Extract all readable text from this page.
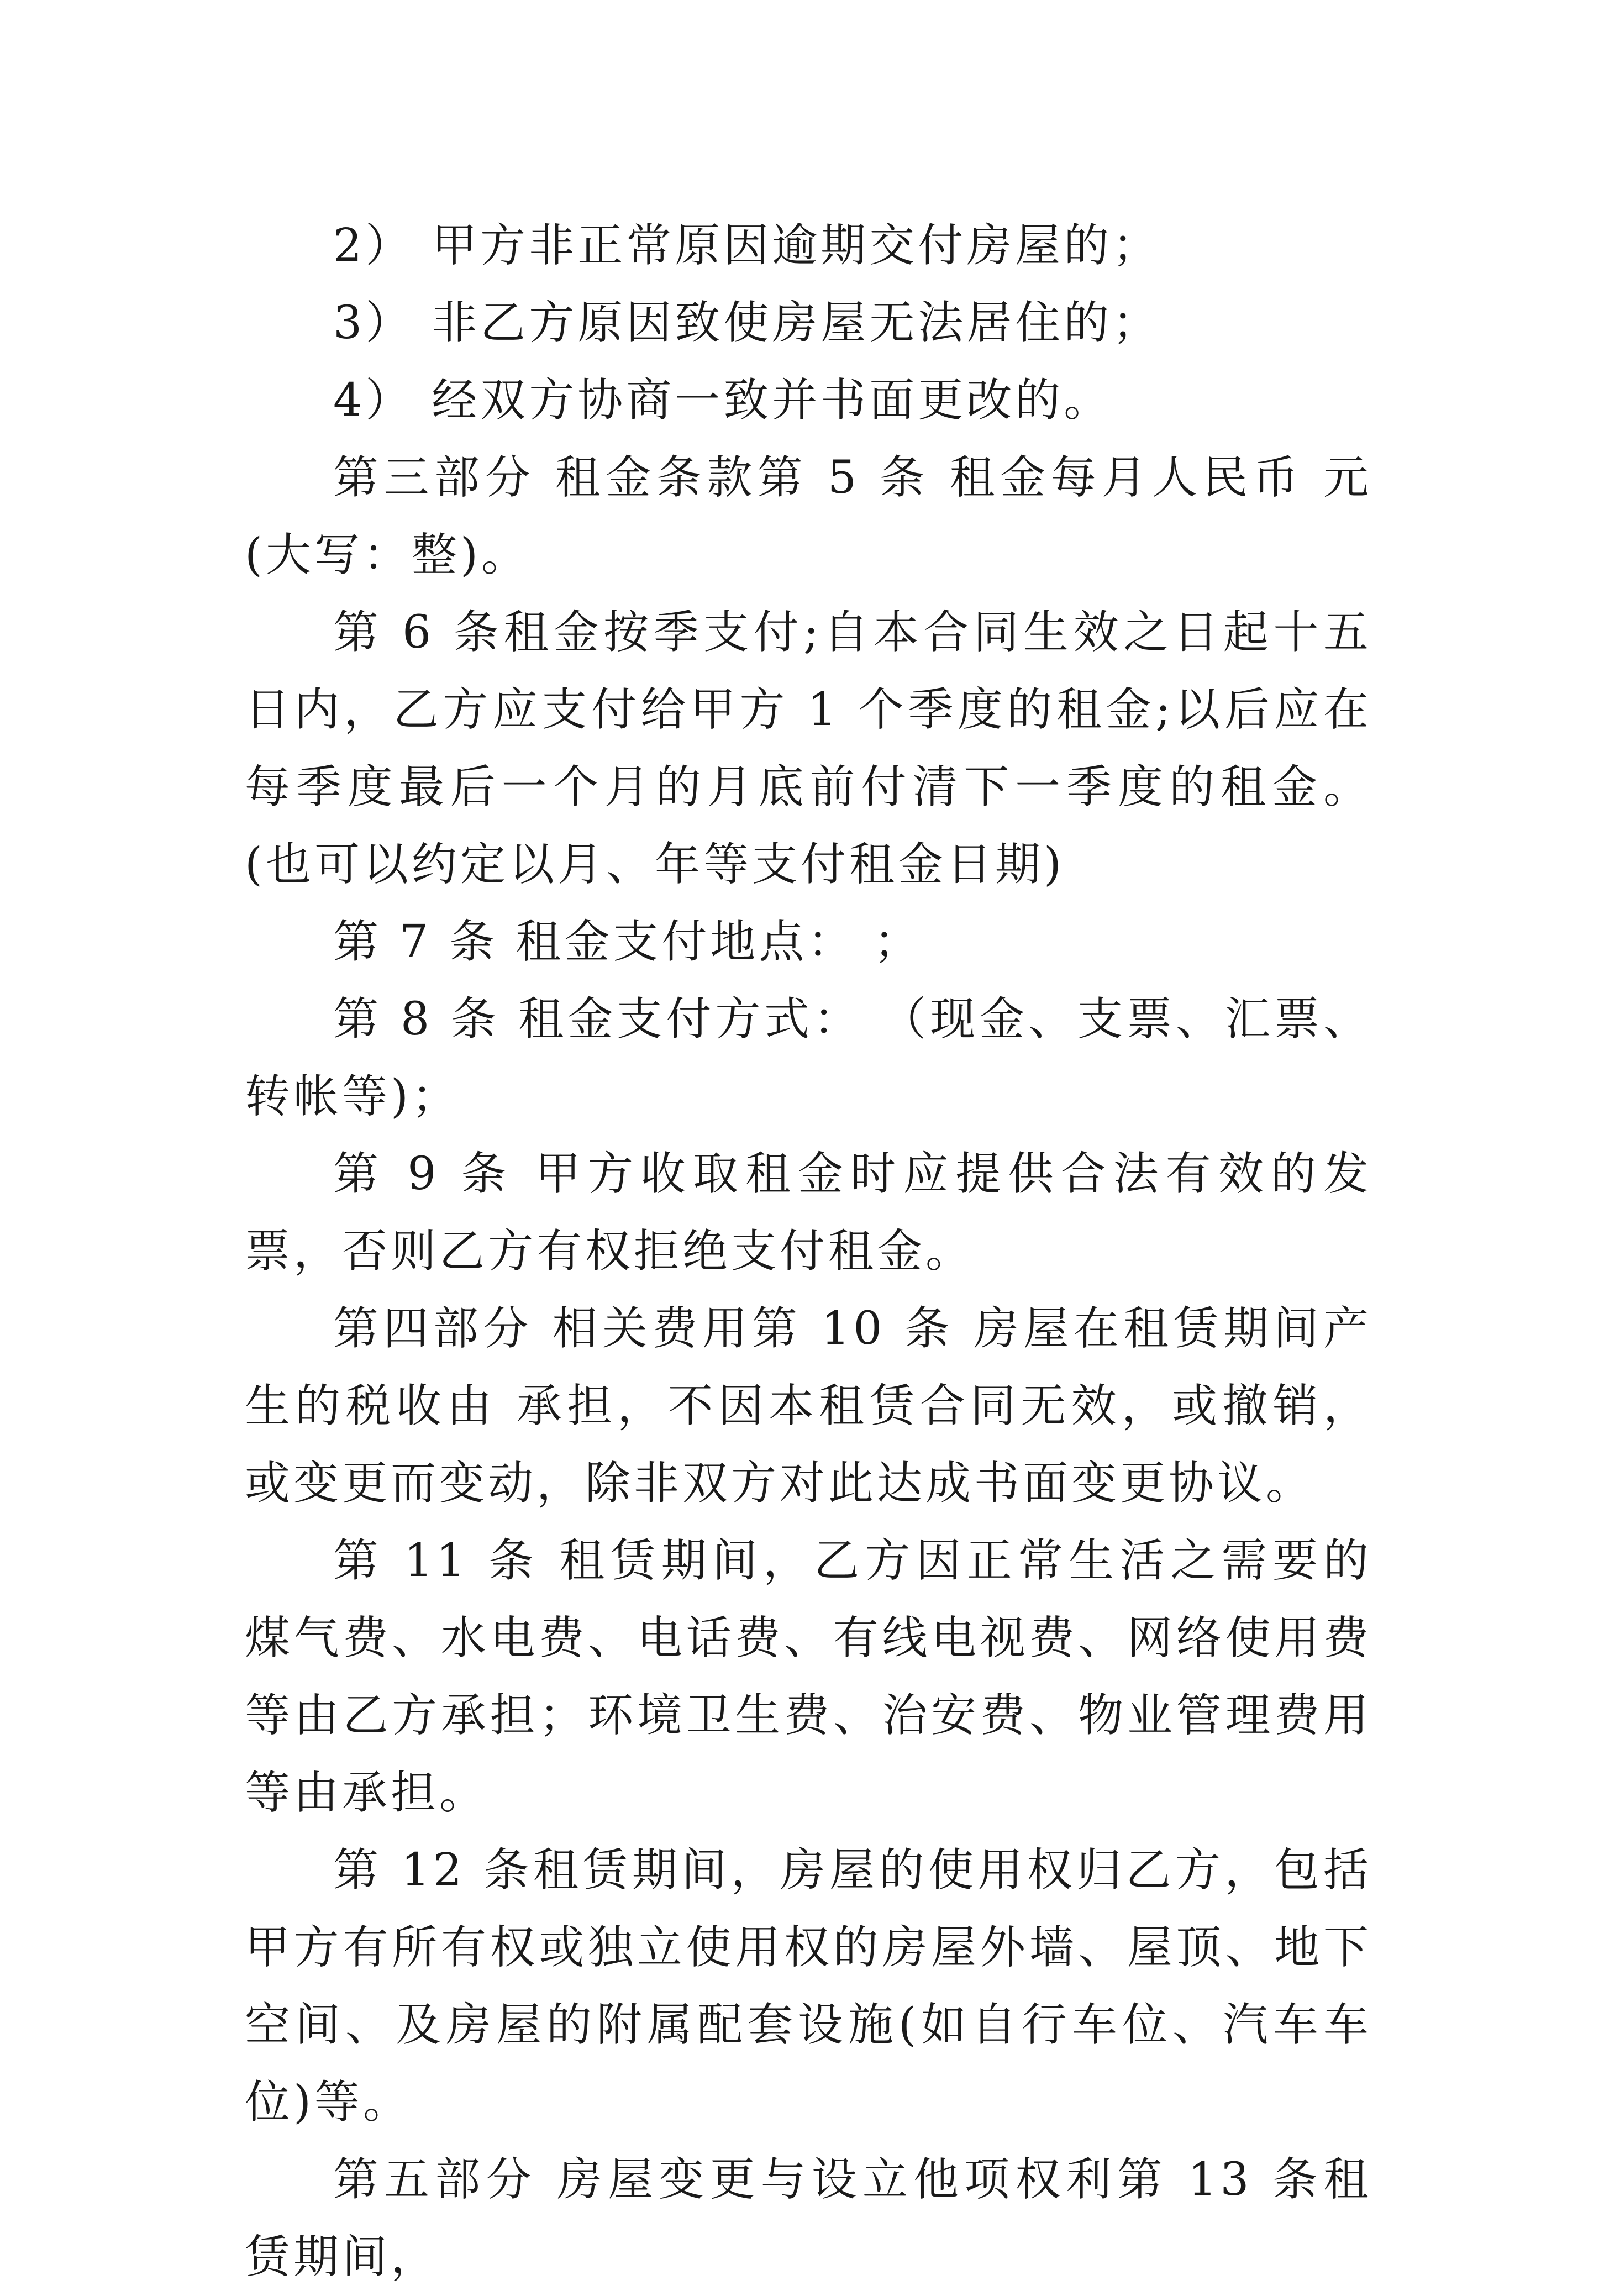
2） 甲方非正常原因逾期交付房屋的；

3） 非乙方原因致使房屋无法居住的；

4） 经双方协商一致并书面更改的。

第三部分 租金条款第 5 条 租金每月人民币 元(大写：整)。

第 6 条租金按季支付;自本合同生效之日起十五日内，乙方应支付给甲方 1 个季度的租金;以后应在每季度最后一个月的月底前付清下一季度的租金。(也可以约定以月、年等支付租金日期)

第 7 条 租金支付地点： ；

第 8 条 租金支付方式： （现金、支票、汇票、转帐等)；

第 9 条 甲方收取租金时应提供合法有效的发票，否则乙方有权拒绝支付租金。

第四部分 相关费用第 10 条 房屋在租赁期间产生的税收由 承担，不因本租赁合同无效，或撤销，或变更而变动，除非双方对此达成书面变更协议。

第 11 条 租赁期间，乙方因正常生活之需要的煤气费、水电费、电话费、有线电视费、网络使用费等由乙方承担；环境卫生费、治安费、物业管理费用等由承担。

第 12 条租赁期间，房屋的使用权归乙方，包括甲方有所有权或独立使用权的房屋外墙、屋顶、地下空间、及房屋的附属配套设施(如自行车位、汽车车位)等。

第五部分 房屋变更与设立他项权利第 13 条租赁期间，
